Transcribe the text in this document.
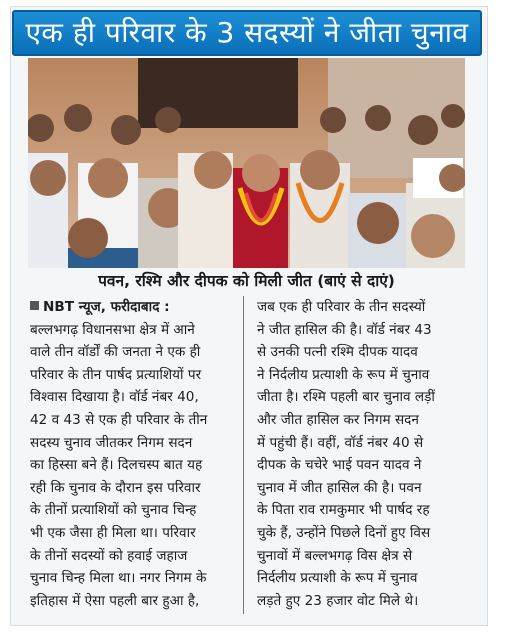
एक ही परिवार के 3 सदस्यों ने जीता चुनाव
पवन, रश्मि और दीपक को मिली जीत (बाएं से दाएं)
NBT न्यूज, फरीदाबाद :
बल्लभगढ़ विधानसभा क्षेत्र में आने
वाले तीन वॉर्डों की जनता ने एक ही
परिवार के तीन पार्षद प्रत्याशियों पर
विश्वास दिखाया है। वॉर्ड नंबर 40,
42 व 43 से एक ही परिवार के तीन
सदस्य चुनाव जीतकर निगम सदन
का हिस्सा बने हैं। दिलचस्प बात यह
रही कि चुनाव के दौरान इस परिवार
के तीनों प्रत्याशियों को चुनाव चिन्ह
भी एक जैसा ही मिला था। परिवार
के तीनों सदस्यों को हवाई जहाज
चुनाव चिन्ह मिला था। नगर निगम के
इतिहास में ऐसा पहली बार हुआ है,
जब एक ही परिवार के तीन सदस्यों
ने जीत हासिल की है। वॉर्ड नंबर 43
से उनकी पत्नी रश्मि दीपक यादव
ने निर्दलीय प्रत्याशी के रूप में चुनाव
जीता है। रश्मि पहली बार चुनाव लड़ीं
और जीत हासिल कर निगम सदन
में पहुंची हैं। वहीं, वॉर्ड नंबर 40 से
दीपक के चचेरे भाई पवन यादव ने
चुनाव में जीत हासिल की है। पवन
के पिता राव रामकुमार भी पार्षद रह
चुके हैं, उन्होंने पिछले दिनों हुए विस
चुनावों में बल्लभगढ़ विस क्षेत्र से
निर्दलीय प्रत्याशी के रूप में चुनाव
लड़ते हुए 23 हजार वोट मिले थे।
